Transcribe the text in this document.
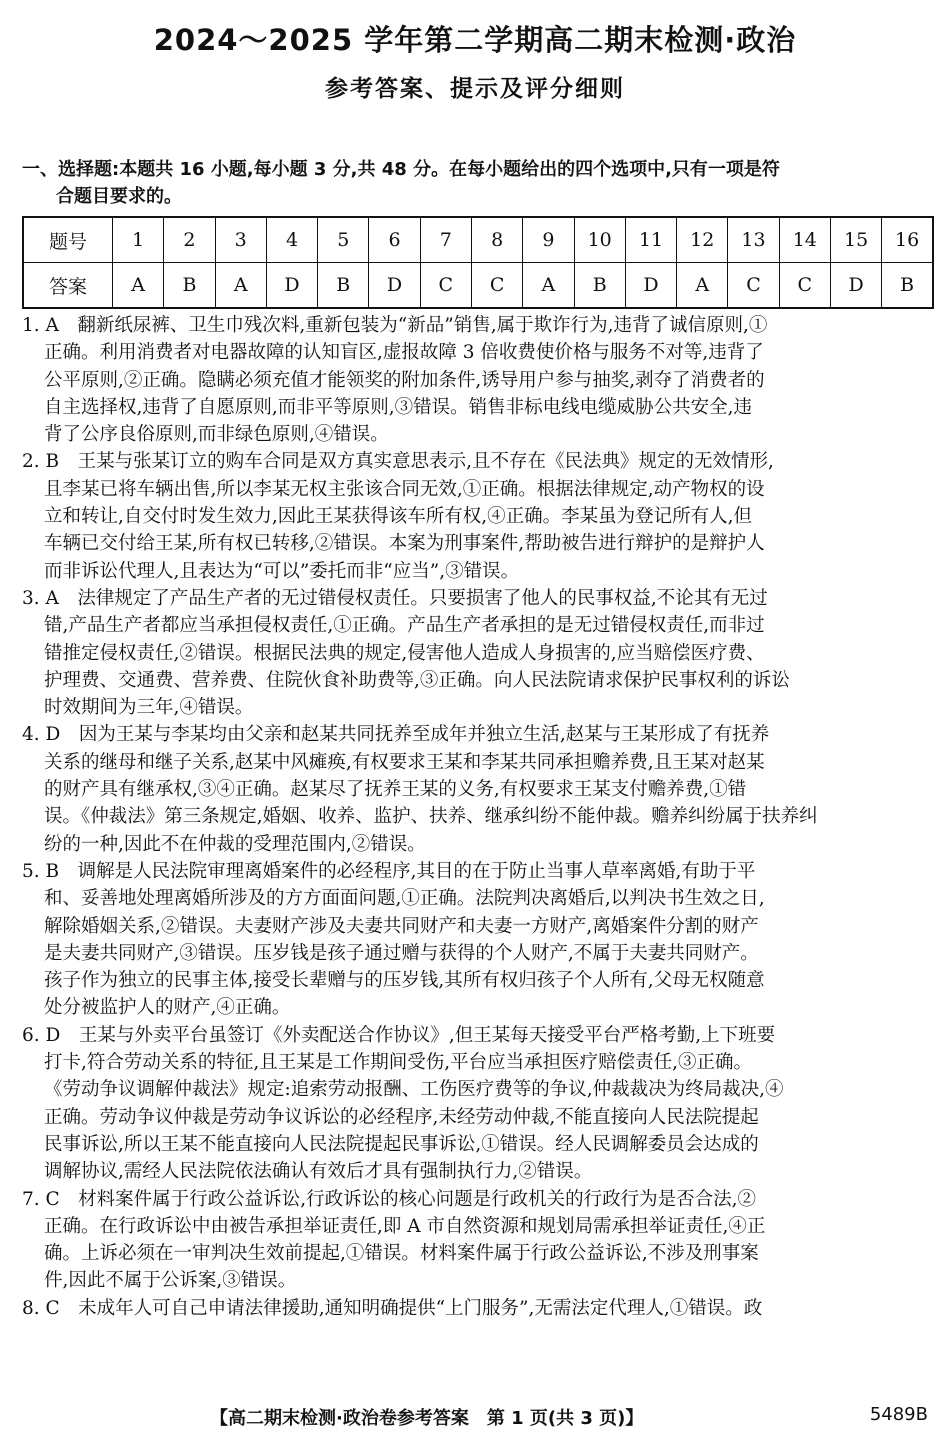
2024～2025 学年第二学期高二期末检测·政治
参考答案、提示及评分细则
一、选择题:本题共 16 小题,每小题 3 分,共 48 分。在每小题给出的四个选项中,只有一项是符
合题目要求的。
题号	1	2	3	4	5	6	7	8	9	10	11	12	13	14	15	16
答案	A	B	A	D	B	D	C	C	A	B	D	A	C	C	D	B
1. A　翻新纸尿裤、卫生巾残次料,重新包装为“新品”销售,属于欺诈行为,违背了诚信原则,①
正确。利用消费者对电器故障的认知盲区,虚报故障 3 倍收费使价格与服务不对等,违背了
公平原则,②正确。隐瞒必须充值才能领奖的附加条件,诱导用户参与抽奖,剥夺了消费者的
自主选择权,违背了自愿原则,而非平等原则,③错误。销售非标电线电缆威胁公共安全,违
背了公序良俗原则,而非绿色原则,④错误。
2. B　王某与张某订立的购车合同是双方真实意思表示,且不存在《民法典》规定的无效情形,
且李某已将车辆出售,所以李某无权主张该合同无效,①正确。根据法律规定,动产物权的设
立和转让,自交付时发生效力,因此王某获得该车所有权,④正确。李某虽为登记所有人,但
车辆已交付给王某,所有权已转移,②错误。本案为刑事案件,帮助被告进行辩护的是辩护人
而非诉讼代理人,且表达为“可以”委托而非“应当”,③错误。
3. A　法律规定了产品生产者的无过错侵权责任。只要损害了他人的民事权益,不论其有无过
错,产品生产者都应当承担侵权责任,①正确。产品生产者承担的是无过错侵权责任,而非过
错推定侵权责任,②错误。根据民法典的规定,侵害他人造成人身损害的,应当赔偿医疗费、
护理费、交通费、营养费、住院伙食补助费等,③正确。向人民法院请求保护民事权利的诉讼
时效期间为三年,④错误。
4. D　因为王某与李某均由父亲和赵某共同抚养至成年并独立生活,赵某与王某形成了有抚养
关系的继母和继子关系,赵某中风瘫痪,有权要求王某和李某共同承担赡养费,且王某对赵某
的财产具有继承权,③④正确。赵某尽了抚养王某的义务,有权要求王某支付赡养费,①错
误。《仲裁法》第三条规定,婚姻、收养、监护、扶养、继承纠纷不能仲裁。赡养纠纷属于扶养纠
纷的一种,因此不在仲裁的受理范围内,②错误。
5. B　调解是人民法院审理离婚案件的必经程序,其目的在于防止当事人草率离婚,有助于平
和、妥善地处理离婚所涉及的方方面面问题,①正确。法院判决离婚后,以判决书生效之日,
解除婚姻关系,②错误。夫妻财产涉及夫妻共同财产和夫妻一方财产,离婚案件分割的财产
是夫妻共同财产,③错误。压岁钱是孩子通过赠与获得的个人财产,不属于夫妻共同财产。
孩子作为独立的民事主体,接受长辈赠与的压岁钱,其所有权归孩子个人所有,父母无权随意
处分被监护人的财产,④正确。
6. D　王某与外卖平台虽签订《外卖配送合作协议》,但王某每天接受平台严格考勤,上下班要
打卡,符合劳动关系的特征,且王某是工作期间受伤,平台应当承担医疗赔偿责任,③正确。
《劳动争议调解仲裁法》规定:追索劳动报酬、工伤医疗费等的争议,仲裁裁决为终局裁决,④
正确。劳动争议仲裁是劳动争议诉讼的必经程序,未经劳动仲裁,不能直接向人民法院提起
民事诉讼,所以王某不能直接向人民法院提起民事诉讼,①错误。经人民调解委员会达成的
调解协议,需经人民法院依法确认有效后才具有强制执行力,②错误。
7. C　材料案件属于行政公益诉讼,行政诉讼的核心问题是行政机关的行政行为是否合法,②
正确。在行政诉讼中由被告承担举证责任,即 A 市自然资源和规划局需承担举证责任,④正
确。上诉必须在一审判决生效前提起,①错误。材料案件属于行政公益诉讼,不涉及刑事案
件,因此不属于公诉案,③错误。
8. C　未成年人可自己申请法律援助,通知明确提供“上门服务”,无需法定代理人,①错误。政
【高二期末检测·政治卷参考答案　第 1 页(共 3 页)】	5489B
